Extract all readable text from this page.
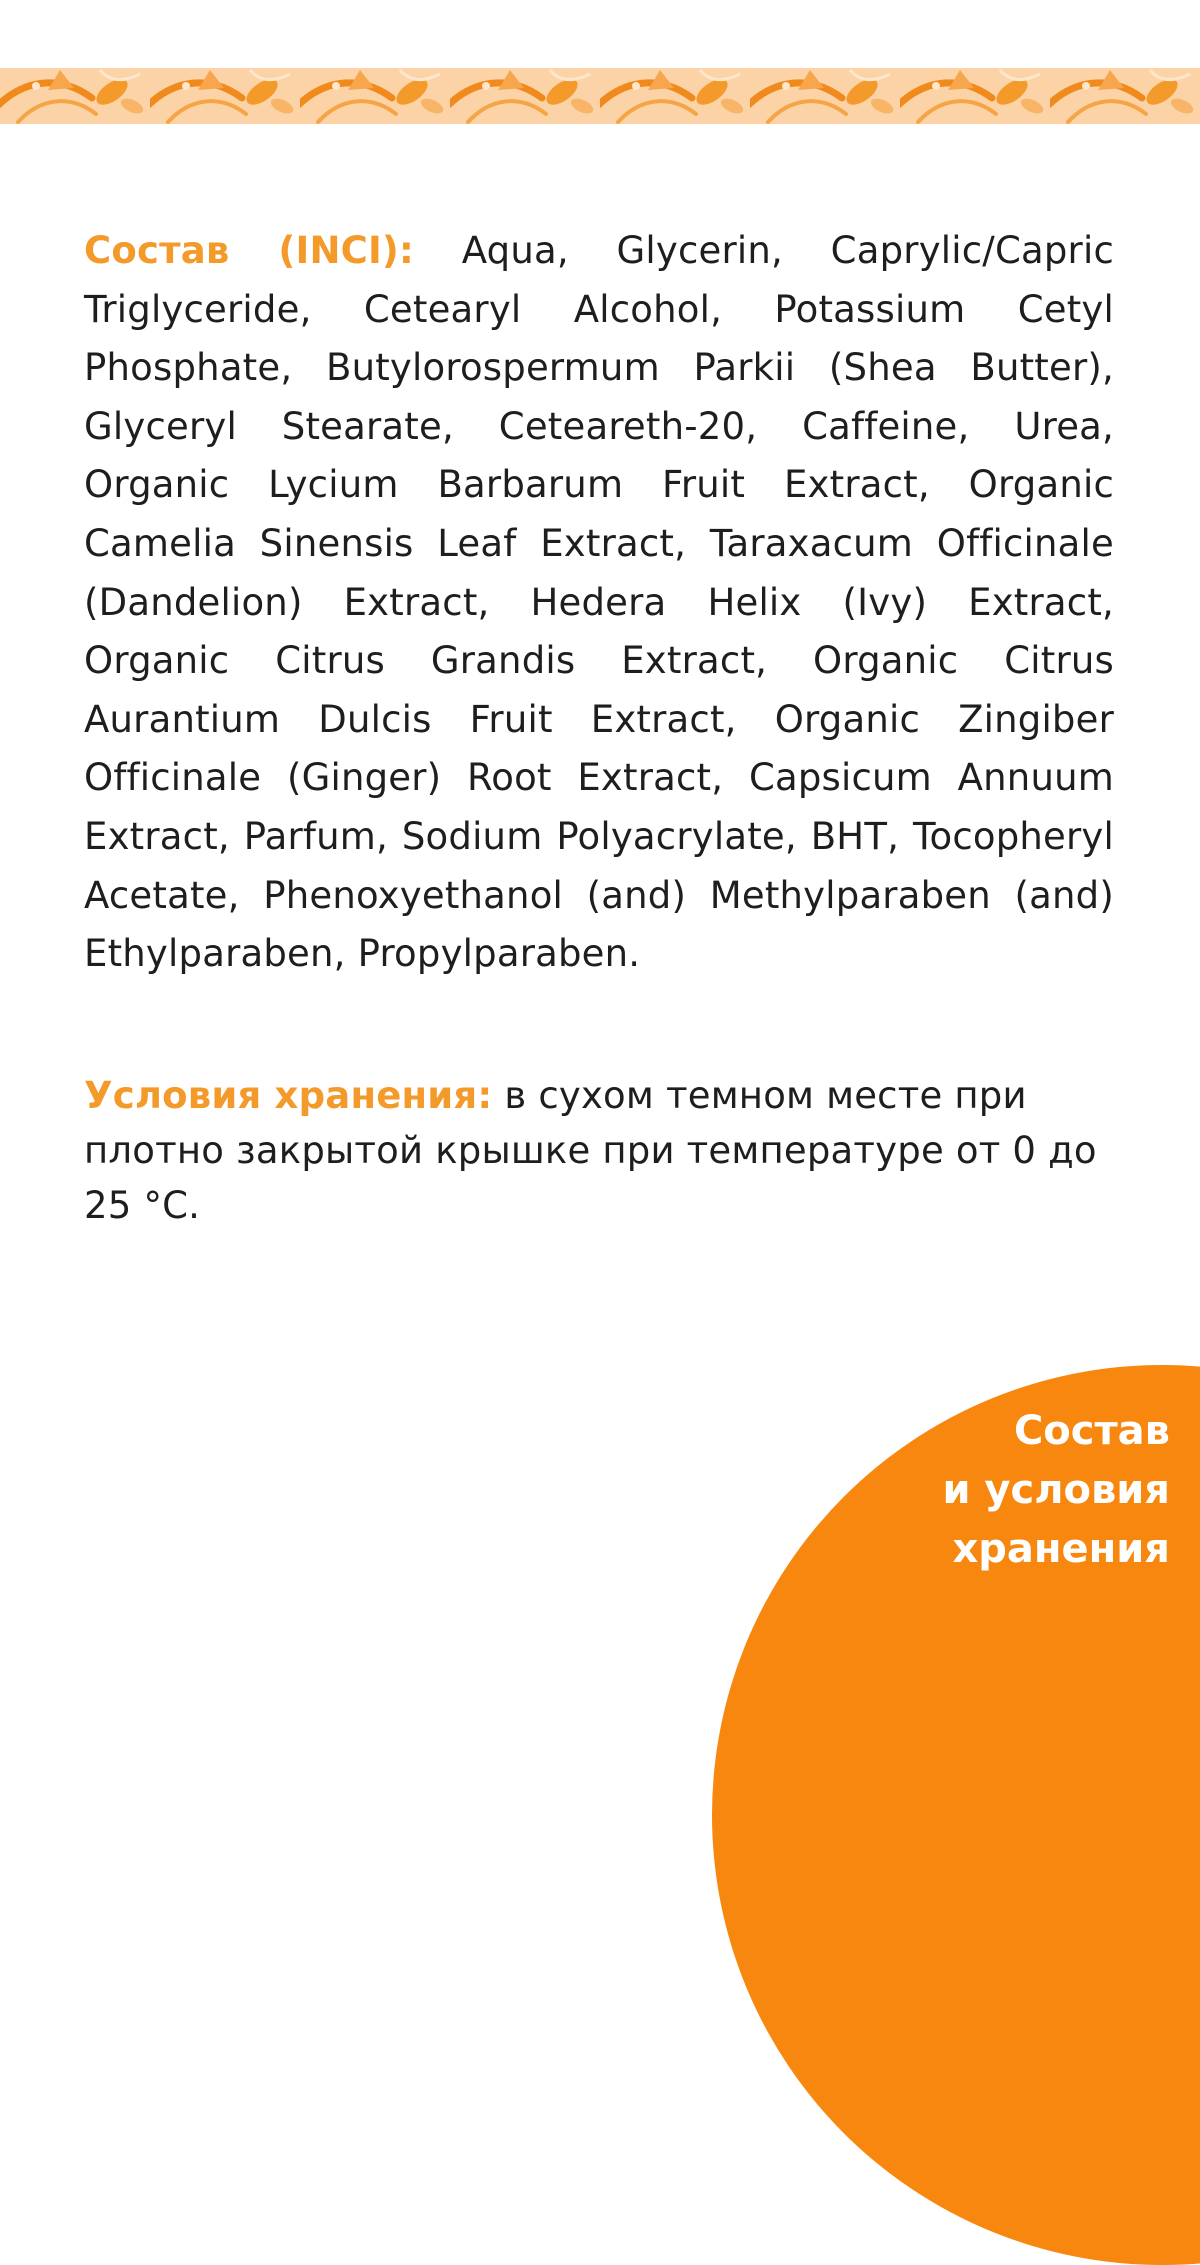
Состав (INCI): Aqua, Glycerin, Caprylic/Capric Triglyceride, Cetearyl Alcohol, Potassium Cetyl Phosphate, Butylorospermum Parkii (Shea Butter), Glyceryl Stearate, Ceteareth-20, Caffeine, Urea, Organic Lycium Barbarum Fruit Extract, Organic Camelia Sinensis Leaf Extract, Taraxacum Officinale (Dandelion) Extract, Hedera Helix (Ivy) Extract, Organic Citrus Grandis Extract, Organic Citrus Aurantium Dulcis Fruit Extract, Organic Zingiber Officinale (Ginger) Root Extract, Capsicum Annuum Extract, Parfum, Sodium Polyacrylate, BHT, Tocopheryl Acetate, Phenoxyethanol (and) Methylparaben (and) Ethylparaben, Propylparaben.

Условия хранения: в сухом темном месте при плотно закрытой крышке при температуре от 0 до 25 °C.

Состав
и условия
хранения
